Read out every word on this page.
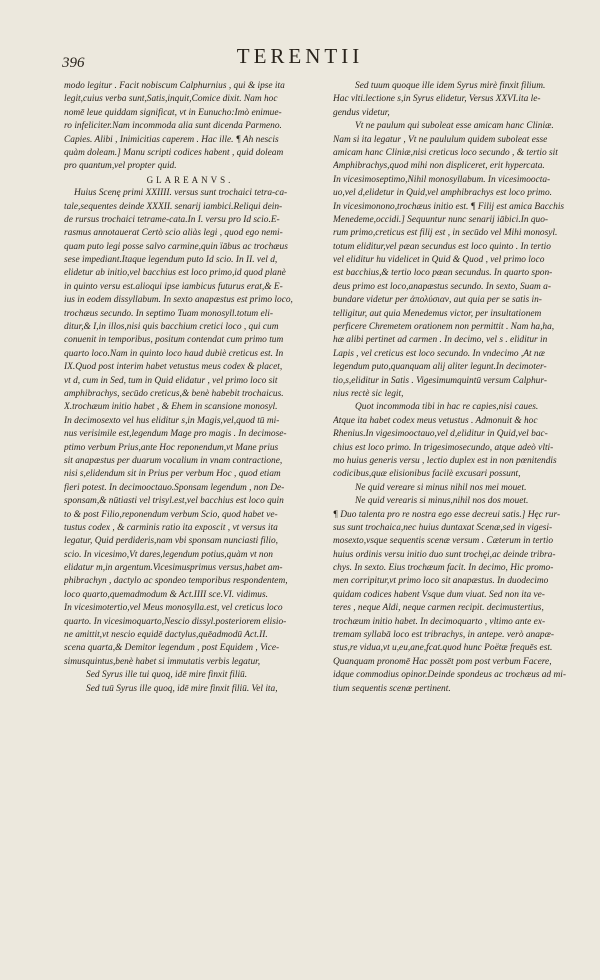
396	TERENTII
modo legitur . Facit nobiscum Calphurnius , qui & ipse ita
legit,cuius verba sunt,Satis,inquit,Comice dixit. Nam hoc
nomē leue quiddam significat, vt in Eunucho:Imò enimue-
ro infeliciter.Nam incommoda alia sunt dicenda Parmeno.
Capies. Alibi , Inimicitias caperem . Hac ille. ¶ Ah nescis
quàm doleam.] Manu scripti codices habent , quid doleam
pro quantum,vel propter quid.
GLAREANVS.
Huius Scenę primi XXIIII. versus sunt trochaici tetra-ca-
tale,sequentes deinde XXXII. senarij iambici.Reliqui dein-
de rursus trochaici tetrame-cata.In I. versu pro Id scio.E-
rasmus annotauerat Certò scio aliàs legi , quod ego nemi-
quam puto legi posse salvo carmine,quin ïābus ac trochæus
sese impediant.Itaque legendum puto Id scio. In II. vel d,
elidetur ab initio,vel bacchius est loco primo,id quod planè
in quinto versu est.alioqui ipse iambicus futurus erat,& E-
ius in eodem dissyllabum. In sexto anapæstus est primo loco,
trochæus secundo. In septimo Tuam monosyll.totum eli-
ditur,& I,in illos,nisi quis bacchium cretici loco , qui cum
conuenit in temporibus, positum contendat cum primo tum
quarto loco.Nam in quinto loco haud dubiè creticus est. In
IX.Quod post interim habet vetustus meus codex & placet,
vt d, cum in Sed, tum in Quid elidatur , vel primo loco sit
amphibrachys, secūdo creticus,& benè habebit trochaicus.
X.trochæum initio habet , & Ehem in scansione monosyl.
In decimosexto vel hus eliditur s,in Magis,vel,quod tū mi-
nus verisimile est,legendum Mage pro magis . In decimose-
ptimo verbum Prius,ante Hoc reponendum,vt Mane prius
sit anapæstus per duarum vocalium in vnam contractione,
nisi s,elidendum sit in Prius per verbum Hoc , quod etiam
fieri potest. In decimooctauo.Sponsam legendum , non De-
sponsam,& nūtiasti vel trisyl.est,vel bacchius est loco quin
to & post Filio,reponendum verbum Scio, quod habet ve-
tustus codex , & carminis ratio ita exposcit , vt versus ita
legatur, Quid perdideris,nam vbi sponsam nunciasti filio,
scio. In vicesimo,Vt dares,legendum potius,quàm vt non
elidatur m,in argentum.Vicesimusprimus versus,habet am-
phibrachyn , dactylo ac spondeo temporibus respondentem,
loco quarto,quemadmodum & Act.IIII sce.VI. vidimus.
In vicesimotertio,vel Meus monosylla.est, vel creticus loco
quarto. In vicesimoquarto,Nescio dissyl.posteriorem elisio-
ne amittit,vt nescio equidē dactylus,quēadmodū Act.II.
scena quarta,& Demitor legendum , post Equidem , Vice-
simusquintus,benè habet si immutatis verbis legatur,
Sed Syrus ille tui quoq, idē mire finxit filiū.
Sed tuū Syrus ille quoq, idē mire finxit filiū. Vel ita,
Sed tuum quoque ille idem Syrus mirè finxit filium.
Hac vlti.lectione s,in Syrus elidetur, Versus XXVI.ita le-
gendus videtur,
Vt ne paulum qui suboleat esse amicam hanc Cliniæ.
Nam si ita legatur , Vt ne paululum quidem suboleat esse
amicam hanc Cliniæ,nisi creticus loco secundo , & tertio sit
Amphibrachys,quod mihi non displiceret, erit hypercata.
In vicesimoseptimo,Nihil monosyllabum. In vicesimoocta-
uo,vel d,elidetur in Quid,vel amphibrachys est loco primo.
In vicesimonono,trochæus initio est. ¶ Filij est amica Bacchis
Menedeme,occidi.] Sequuntur nunc senarij iābici.In quo-
rum primo,creticus est filij est , in secūdo vel Mihi monosyl.
totum eliditur,vel pæan secundus est loco quinto . In tertio
vel eliditur hu videlicet in Quid & Quod , vel primo loco
est bacchius,& tertio loco pæan secundus. In quarto spon-
deus primo est loco,anapæstus secundo. In sexto, Suam a-
bundare videtur per ἀπολύσιαν, aut quia per se satis in-
telligitur, aut quia Menedemus victor, per insultationem
perficere Chremetem orationem non permittit . Nam ha,ha,
hæ alibi pertinet ad carmen . In decimo, vel s . eliditur in
Lapis , vel creticus est loco secundo. In vndecimo ,At næ
legendum puto,quanquam alij aliter legunt.In decimoter-
tio,s,eliditur in Satis . Vigesimumquintū versum Calphur-
nius rectè sic legit,
Quot incommoda tibi in hac re capies,nisi caues.
Atque ita habet codex meus vetustus . Admonuit & hoc
Rhenius.In vigesimooctauo,vel d,eliditur in Quid,vel bac-
chius est loco primo. In trigesimosecundo, atque adeò vlti-
mo huius generis versu , lectio duplex est in non pœnitendis
codicibus,quæ elisionibus facilè excusari possunt,
Ne quid vereare si minus nihil nos mei mouet.
Ne quid verearis si minus,nihil nos dos mouet.
¶ Duo talenta pro re nostra ego esse decreui satis.] Hęc rur-
sus sunt trochaica,nec huius duntaxat Scenæ,sed in vigesi-
mosexto,vsque sequentis scenæ versum . Cæterum in tertio
huius ordinis versu initio duo sunt trochęi,ac deinde tribra-
chys. In sexto. Eius trochæum facit. In decimo, Hic promo-
men corripitur,vt primo loco sit anapæstus. In duodecimo
quidam codices habent Vsque dum viuat. Sed non ita ve-
teres , neque Aldi, neque carmen recipit. decimustertius,
trochæum initio habet. In decimoquarto , vltimo ante ex-
tremam syllabā loco est tribrachys, in antepe. verò anapæ-
stus,re vidua,vt u,eu,ane,fcat.quod hunc Poëtæ frequēs est.
Quanquam pronomē Hac possēt pom post verbum Facere,
idque commodius opinor.Deinde spondeus ac trochæus ad mi-
tium sequentis scenæ pertinent.
